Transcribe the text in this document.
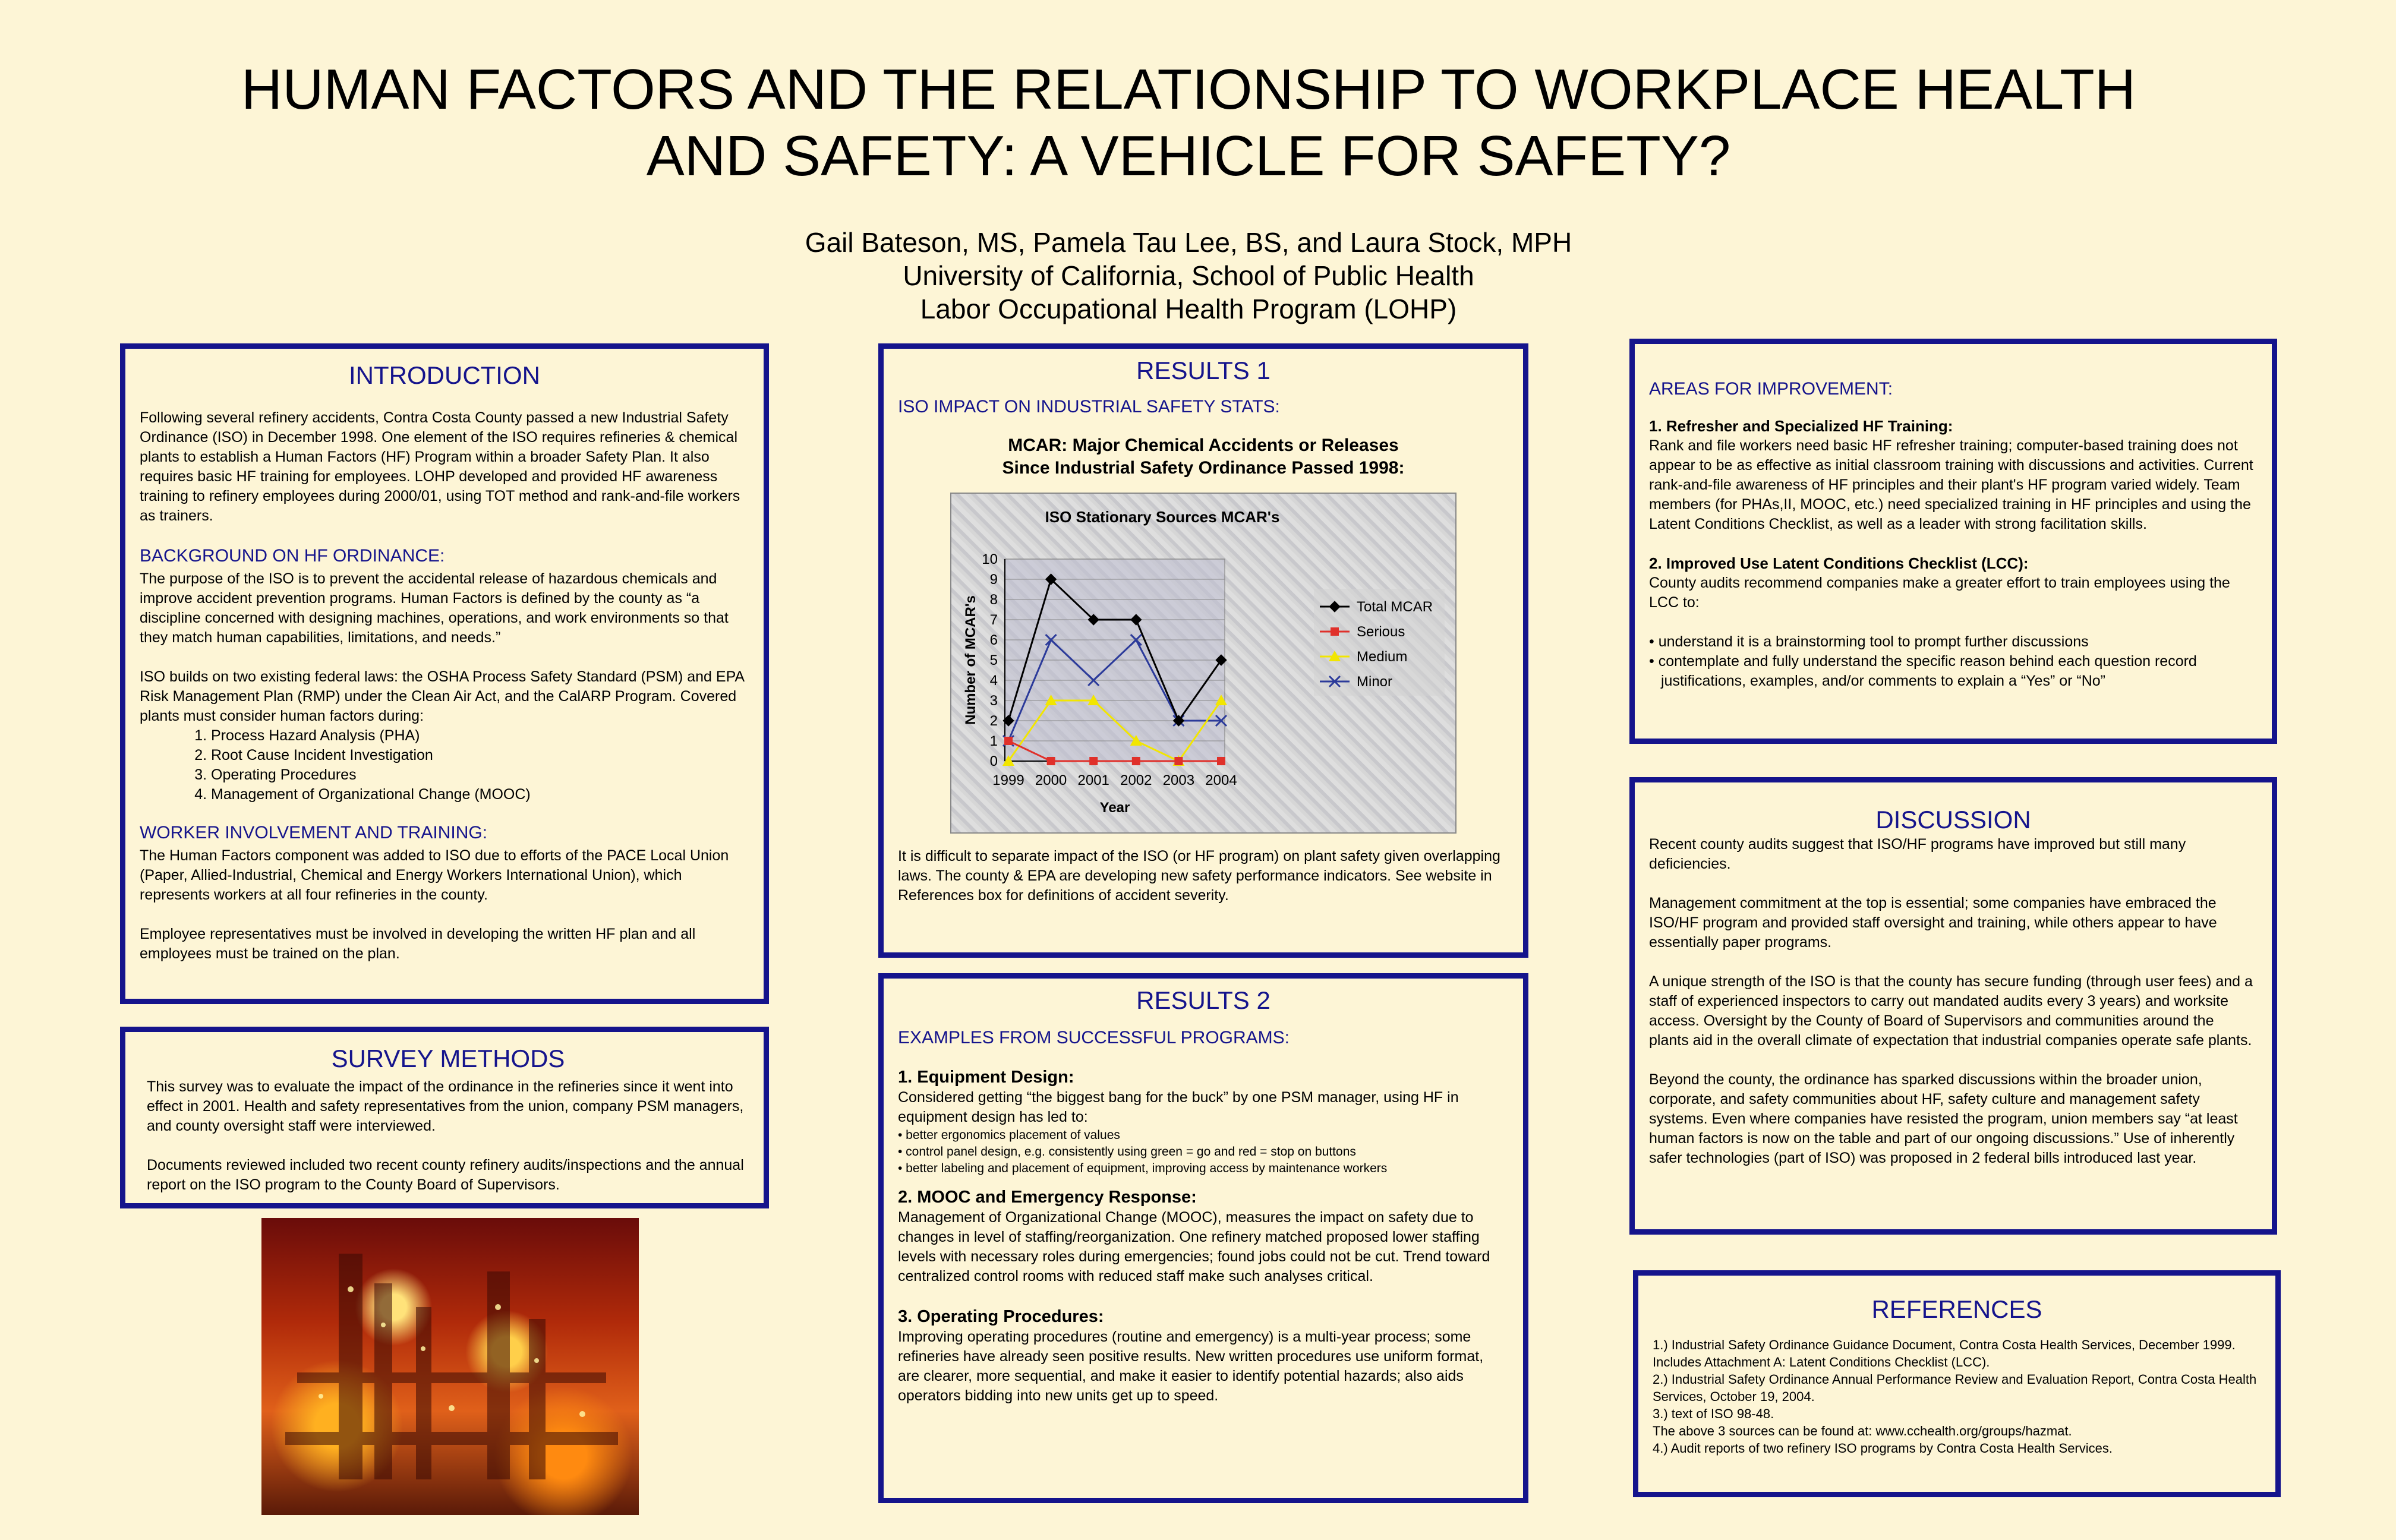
HUMAN FACTORS AND THE RELATIONSHIP TO WORKPLACE HEALTH
AND SAFETY: A VEHICLE FOR SAFETY?
Gail Bateson, MS, Pamela Tau Lee, BS, and Laura Stock, MPH
University of California, School of Public Health
Labor Occupational Health Program (LOHP)
INTRODUCTION

Following several refinery accidents, Contra Costa County passed a new Industrial Safety Ordinance (ISO) in December 1998. One element of the ISO requires refineries & chemical plants to establish a Human Factors (HF) Program within a broader Safety Plan. It also requires basic HF training for employees. LOHP developed and provided HF awareness training to refinery employees during 2000/01, using TOT method and rank-and-file workers as trainers.

BACKGROUND ON HF ORDINANCE:

The purpose of the ISO is to prevent the accidental release of hazardous chemicals and improve accident prevention programs. Human Factors is defined by the county as “a discipline concerned with designing machines, operations, and work environments so that they match human capabilities, limitations, and needs.”

ISO builds on two existing federal laws: the OSHA Process Safety Standard (PSM) and EPA Risk Management Plan (RMP) under the Clean Air Act, and the CalARP Program. Covered plants must consider human factors during:

1. Process Hazard Analysis (PHA)
2. Root Cause Incident Investigation
3. Operating Procedures
4. Management of Organizational Change (MOOC)
WORKER INVOLVEMENT AND TRAINING:

The Human Factors component was added to ISO due to efforts of the PACE Local Union (Paper, Allied-Industrial, Chemical and Energy Workers International Union), which represents workers at all four refineries in the county.

Employee representatives must be involved in developing the written HF plan and all employees must be trained on the plan.

SURVEY METHODS

This survey was to evaluate the impact of the ordinance in the refineries since it went into effect in 2001. Health and safety representatives from the union, company PSM managers, and county oversight staff were interviewed.

Documents reviewed included two recent county refinery audits/inspections and the annual report on the ISO program to the County Board of Supervisors.

RESULTS 1
ISO IMPACT ON INDUSTRIAL SAFETY STATS:
MCAR: Major Chemical Accidents or Releases
Since Industrial Safety Ordinance Passed 1998:
ISO Stationary Sources MCAR's
0
1
2
3
4
5
6
7
8
9
10
1999 2000 2001 2002 2003 2004
Year
Number of MCAR's	Total MCAR
Serious
Medium
Minor

It is difficult to separate impact of the ISO (or HF program) on plant safety given overlapping laws. The county & EPA are developing new safety performance indicators. See website in References box for definitions of accident severity.

RESULTS 2
EXAMPLES FROM SUCCESSFUL PROGRAMS:
1. Equipment Design:
Considered getting “the biggest bang for the buck” by one PSM manager, using HF in equipment design has led to:
• better ergonomics placement of values
• control panel design, e.g. consistently using green = go and red = stop on buttons
• better labeling and placement of equipment, improving access by maintenance workers
2. MOOC and Emergency Response:

Management of Organizational Change (MOOC), measures the impact on safety due to changes in level of staffing/reorganization. One refinery matched proposed lower staffing levels with necessary roles during emergencies; found jobs could not be cut. Trend toward centralized control rooms with reduced staff make such analyses critical.

3. Operating Procedures:
Improving operating procedures (routine and emergency) is a multi-year process; some refineries have already seen positive results. New written procedures use uniform format, are clearer, more sequential, and make it easier to identify potential hazards; also aids operators bidding into new units get up to speed.
AREAS FOR IMPROVEMENT:
1. Refresher and Specialized HF Training:

Rank and file workers need basic HF refresher training; computer-based training does not appear to be as effective as initial classroom training with discussions and activities. Current rank-and-file awareness of HF principles and their plant's HF program varied widely. Team members (for PHAs,II, MOOC, etc.) need specialized training in HF principles and using the Latent Conditions Checklist, as well as a leader with strong facilitation skills.

2. Improved Use Latent Conditions Checklist (LCC):

County audits recommend companies make a greater effort to train employees using the LCC to:

• understand it is a brainstorming tool to prompt further discussions
• contemplate and fully understand the specific reason behind each question record justifications, examples, and/or comments to explain a “Yes” or “No”
DISCUSSION

Recent county audits suggest that ISO/HF programs have improved but still many deficiencies.

Management commitment at the top is essential; some companies have embraced the ISO/HF program and provided staff oversight and training, while others appear to have essentially paper programs.

A unique strength of the ISO is that the county has secure funding (through user fees) and a staff of experienced inspectors to carry out mandated audits every 3 years) and worksite access. Oversight by the County of Board of Supervisors and communities around the plants aid in the overall climate of expectation that industrial companies operate safe plants.

Beyond the county, the ordinance has sparked discussions within the broader union, corporate, and safety communities about HF, safety culture and management safety systems. Even where companies have resisted the program, union members say “at least human factors is now on the table and part of our ongoing discussions.” Use of inherently safer technologies (part of ISO) was proposed in 2 federal bills introduced last year.

REFERENCES
1.) Industrial Safety Ordinance Guidance Document, Contra Costa Health Services, December 1999. Includes Attachment A: Latent Conditions Checklist (LCC).
2.) Industrial Safety Ordinance Annual Performance Review and Evaluation Report, Contra Costa Health Services, October 19, 2004.
3.) text of ISO 98-48.
The above 3 sources can be found at: www.cchealth.org/groups/hazmat.
4.) Audit reports of two refinery ISO programs by Contra Costa Health Services.
